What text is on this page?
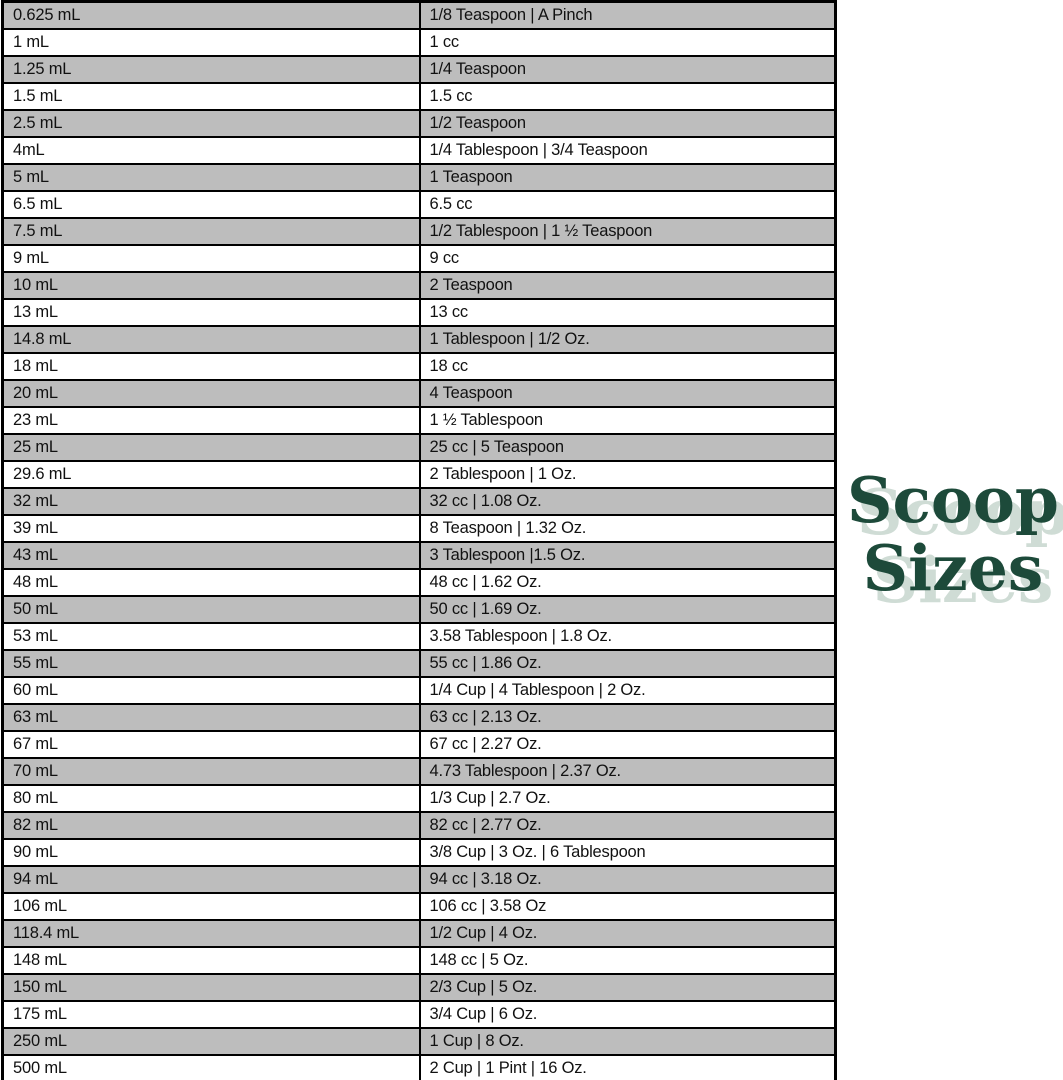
0.625 mL	1/8 Teaspoon | A Pinch
1 mL	1 cc
1.25 mL	1/4 Teaspoon
1.5 mL	1.5 cc
2.5 mL	1/2 Teaspoon
4mL	1/4 Tablespoon | 3/4 Teaspoon
5 mL	1 Teaspoon
6.5 mL	6.5 cc
7.5 mL	1/2 Tablespoon | 1 ½ Teaspoon
9 mL	9 cc
10 mL	2 Teaspoon
13 mL	13 cc
14.8 mL	1 Tablespoon | 1/2 Oz.
18 mL	18 cc
20 mL	4 Teaspoon
23 mL	1 ½ Tablespoon
25 mL	25 cc | 5 Teaspoon
29.6 mL	2 Tablespoon | 1 Oz.
32 mL	32 cc | 1.08 Oz.
39 mL	8 Teaspoon | 1.32 Oz.
43 mL	3 Tablespoon |1.5 Oz.
48 mL	48 cc | 1.62 Oz.
50 mL	50 cc | 1.69 Oz.
53 mL	3.58 Tablespoon | 1.8 Oz.
55 mL	55 cc | 1.86 Oz.
60 mL	1/4 Cup | 4 Tablespoon | 2 Oz.
63 mL	63 cc | 2.13 Oz.
67 mL	67 cc | 2.27 Oz.
70 mL	4.73 Tablespoon | 2.37 Oz.
80 mL	1/3 Cup | 2.7 Oz.
82 mL	82 cc | 2.77 Oz.
90 mL	3/8 Cup | 3 Oz. | 6 Tablespoon
94 mL	94 cc | 3.18 Oz.
106 mL	106 cc | 3.58 Oz
118.4 mL	1/2 Cup | 4 Oz.
148 mL	148 cc | 5 Oz.
150 mL	2/3 Cup | 5 Oz.
175 mL	3/4 Cup | 6 Oz.
250 mL	1 Cup | 8 Oz.
500 mL	2 Cup | 1 Pint | 16 Oz.
Scoop
Sizes
